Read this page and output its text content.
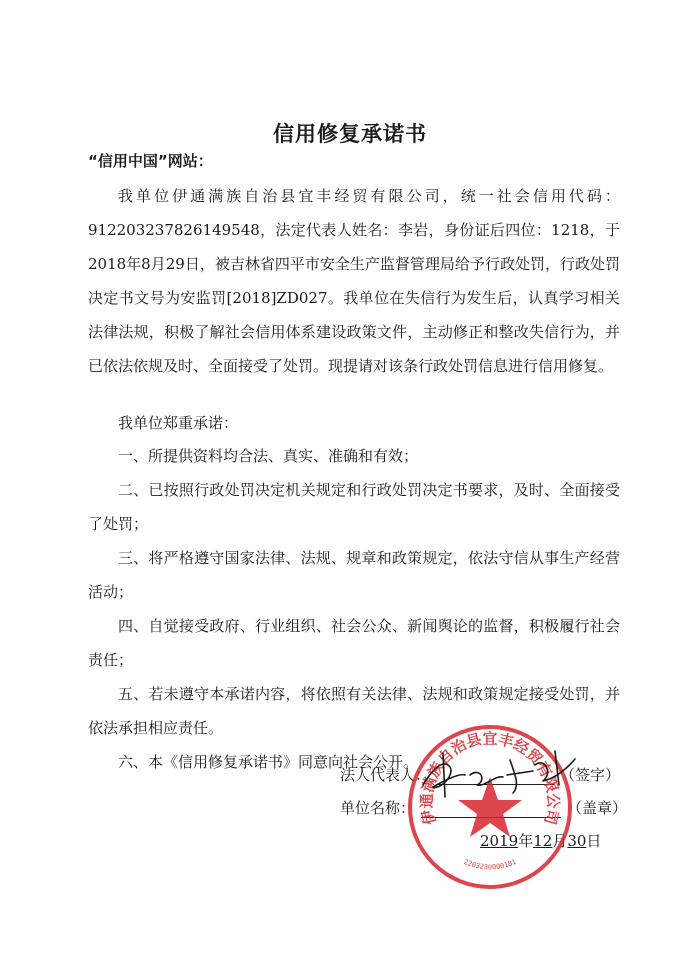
信用修复承诺书
“信用中国”网站：
我单位伊通满族自治县宜丰经贸有限公司，统一社会信用代码：912203237826149548，法定代表人姓名：李岩，身份证后四位：1218，于2018年8月29日，被吉林省四平市安全生产监督管理局给予行政处罚，行政处罚决定书文号为安监罚[2018]ZD027。我单位在失信行为发生后，认真学习相关法律法规，积极了解社会信用体系建设政策文件，主动修正和整改失信行为，并已依法依规及时、全面接受了处罚。现提请对该条行政处罚信息进行信用修复。
我单位郑重承诺：

一、所提供资料均合法、真实、准确和有效；

二、已按照行政处罚决定机关规定和行政处罚决定书要求，及时、全面接受了处罚；

三、将严格遵守国家法律、法规、规章和政策规定，依法守信从事生产经营活动；

四、自觉接受政府、行业组织、社会公众、新闻舆论的监督，积极履行社会责任；

五、若未遵守本承诺内容，将依照有关法律、法规和政策规定接受处罚，并依法承担相应责任。

六、本《信用修复承诺书》同意向社会公开。

法人代表人：	（签字）
单位名称：	（盖章）
2019年12月30日
伊通满族自治县宜丰经贸有限公司
2203230000181
